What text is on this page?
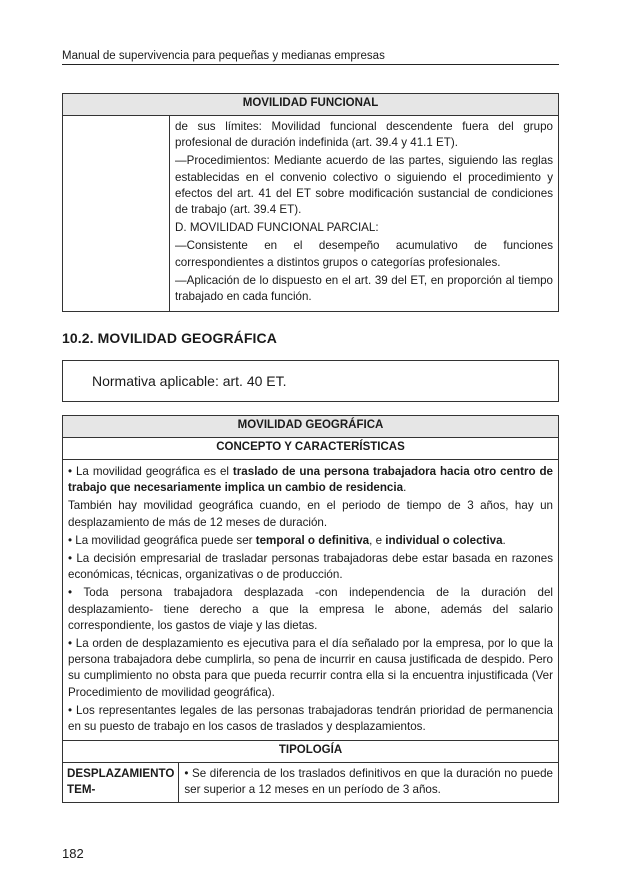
Manual de supervivencia para pequeñas y medianas empresas
MOVILIDAD FUNCIONAL

de sus límites: Movilidad funcional descendente fuera del grupo profesional de duración indefinida (art. 39.4 y 41.1 ET).

—Procedimientos: Mediante acuerdo de las partes, siguiendo las reglas establecidas en el convenio colectivo o siguiendo el procedimiento y efectos del art. 41 del ET sobre modificación sustancial de condiciones de trabajo (art. 39.4 ET).

D. MOVILIDAD FUNCIONAL PARCIAL:

—Consistente en el desempeño acumulativo de funciones correspondientes a distintos grupos o categorías profesionales.

—Aplicación de lo dispuesto en el art. 39 del ET, en proporción al tiempo trabajado en cada función.

10.2. MOVILIDAD GEOGRÁFICA
Normativa aplicable: art. 40 ET.
MOVILIDAD GEOGRÁFICA
CONCEPTO Y CARACTERÍSTICAS

• La movilidad geográfica es el traslado de una persona trabajadora hacia otro centro de trabajo que necesariamente implica un cambio de residencia.

También hay movilidad geográfica cuando, en el periodo de tiempo de 3 años, hay un desplazamiento de más de 12 meses de duración.

• La movilidad geográfica puede ser temporal o definitiva, e individual o colectiva.

• La decisión empresarial de trasladar personas trabajadoras debe estar basada en razones económicas, técnicas, organizativas o de producción.

• Toda persona trabajadora desplazada -con independencia de la duración del desplazamiento- tiene derecho a que la empresa le abone, además del salario correspondiente, los gastos de viaje y las dietas.

• La orden de desplazamiento es ejecutiva para el día señalado por la empresa, por lo que la persona trabajadora debe cumplirla, so pena de incurrir en causa justificada de despido. Pero su cumplimiento no obsta para que pueda recurrir contra ella si la encuentra injustificada (Ver Procedimiento de movilidad geográfica).

• Los representantes legales de las personas trabajadoras tendrán prioridad de permanencia en su puesto de trabajo en los casos de traslados y desplazamientos.

TIPOLOGÍA
DESPLAZAMIENTO TEM-	• Se diferencia de los traslados definitivos en que la duración no puede ser superior a 12 meses en un período de 3 años.
182
